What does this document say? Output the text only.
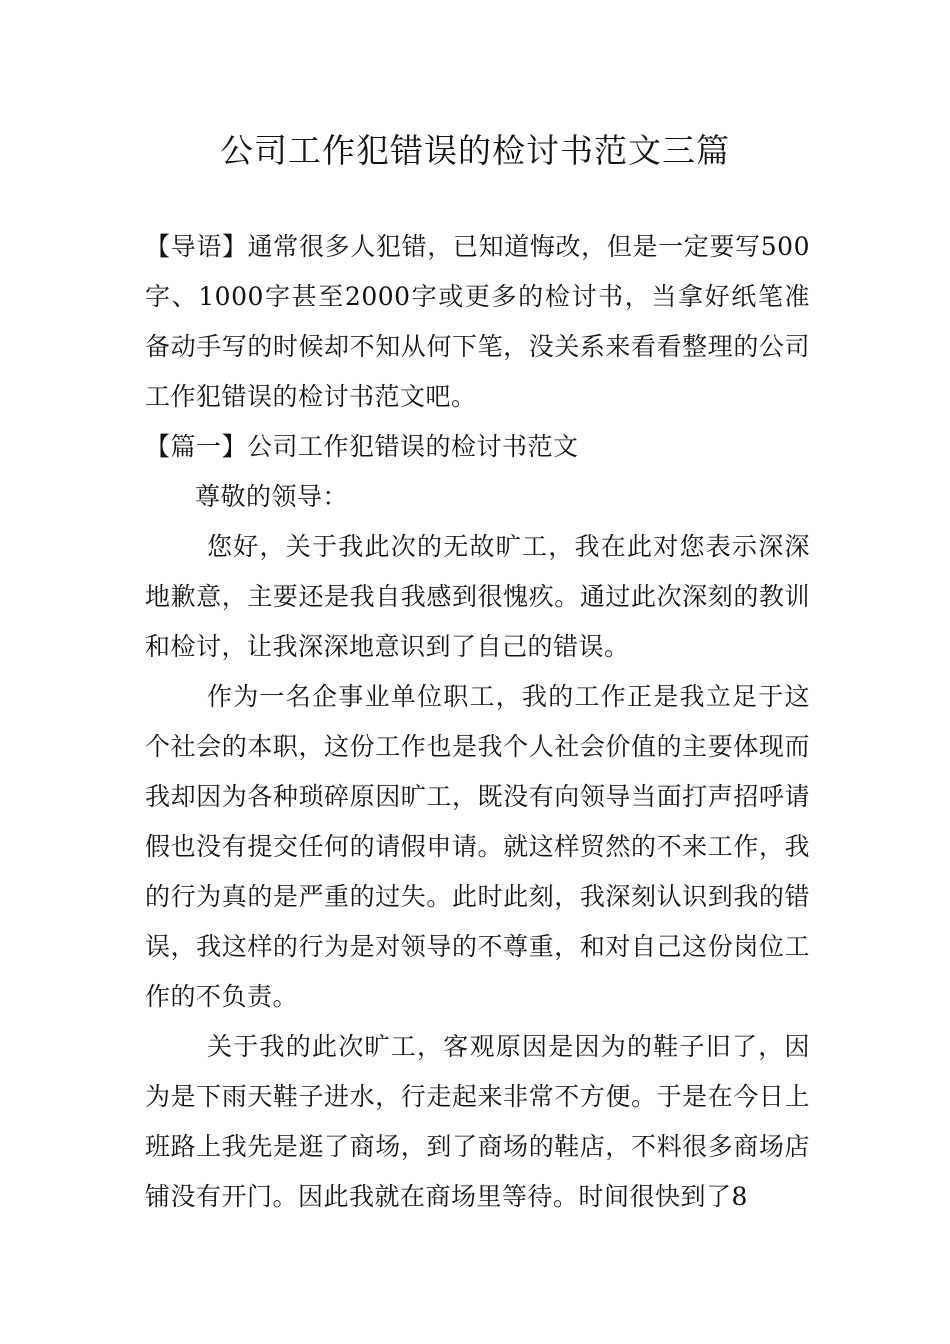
公司工作犯错误的检讨书范文三篇

【导语】通常很多人犯错，已知道悔改，但是一定要写500字、1000字甚至2000字或更多的检讨书，当拿好纸笔准备动手写的时候却不知从何下笔，没关系来看看整理的公司工作犯错误的检讨书范文吧。

【篇一】公司工作犯错误的检讨书范文

尊敬的领导：

您好，关于我此次的无故旷工，我在此对您表示深深地歉意，主要还是我自我感到很愧疚。通过此次深刻的教训和检讨，让我深深地意识到了自己的错误。

作为一名企事业单位职工，我的工作正是我立足于这个社会的本职，这份工作也是我个人社会价值的主要体现而我却因为各种琐碎原因旷工，既没有向领导当面打声招呼请假也没有提交任何的请假申请。就这样贸然的不来工作，我的行为真的是严重的过失。此时此刻，我深刻认识到我的错误，我这样的行为是对领导的不尊重，和对自己这份岗位工作的不负责。

关于我的此次旷工，客观原因是因为的鞋子旧了，因为是下雨天鞋子进水，行走起来非常不方便。于是在今日上班路上我先是逛了商场，到了商场的鞋店，不料很多商场店铺没有开门。因此我就在商场里等待。时间很快到了8
